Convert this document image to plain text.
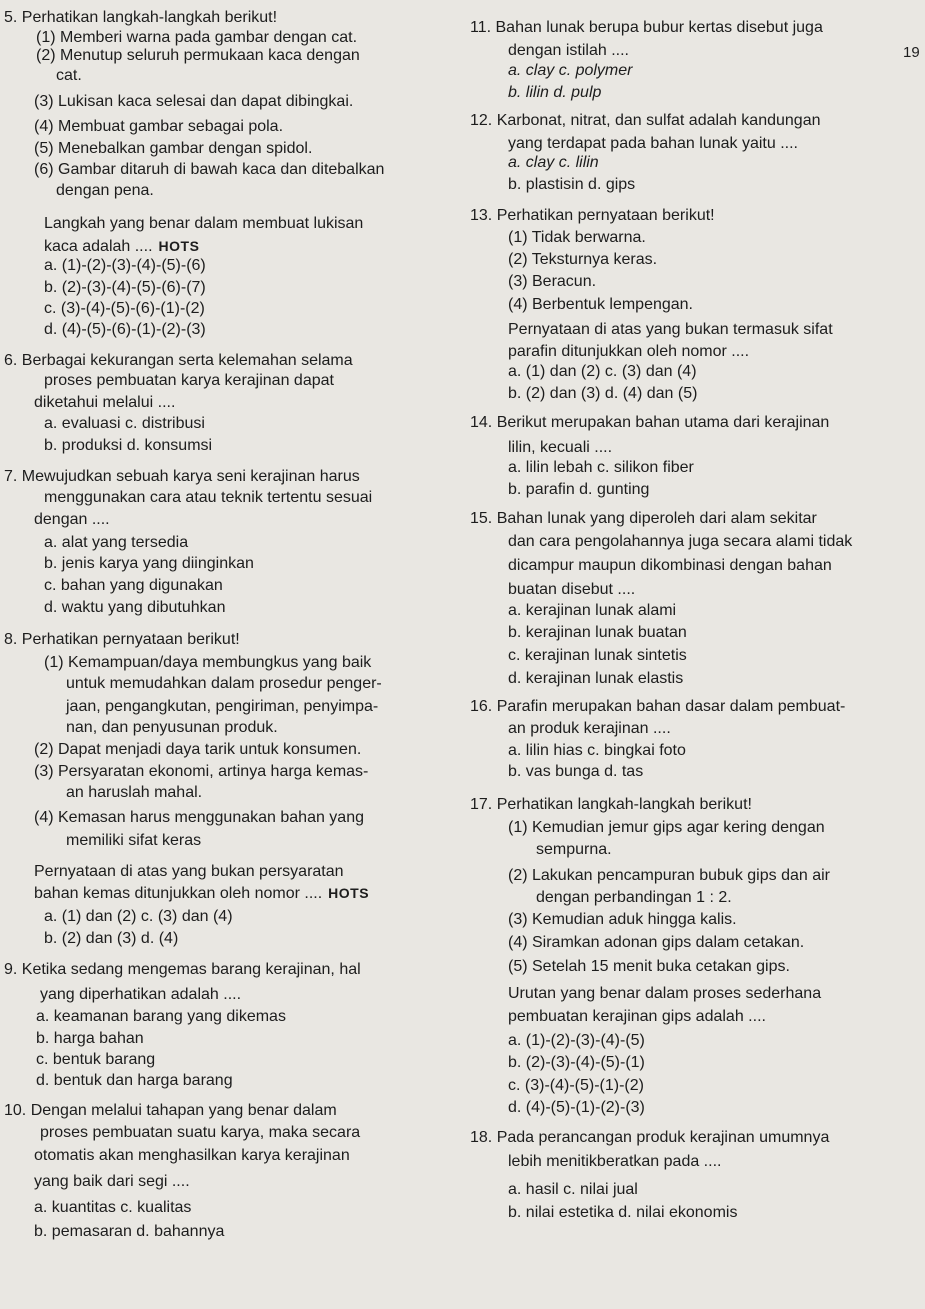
19
5. Perhatikan langkah-langkah berikut!
(1) Memberi warna pada gambar dengan cat.
(2) Menutup seluruh permukaan kaca dengan
cat.
(3) Lukisan kaca selesai dan dapat dibingkai.
(4) Membuat gambar sebagai pola.
(5) Menebalkan gambar dengan spidol.
(6) Gambar ditaruh di bawah kaca dan ditebalkan
dengan pena.
Langkah yang benar dalam membuat lukisan
kaca adalah .... HOTS
a. (1)-(2)-(3)-(4)-(5)-(6)
b. (2)-(3)-(4)-(5)-(6)-(7)
c. (3)-(4)-(5)-(6)-(1)-(2)
d. (4)-(5)-(6)-(1)-(2)-(3)
6. Berbagai kekurangan serta kelemahan selama
proses pembuatan karya kerajinan dapat
diketahui melalui ....
a. evaluasi c. distribusi
b. produksi d. konsumsi
7. Mewujudkan sebuah karya seni kerajinan harus
menggunakan cara atau teknik tertentu sesuai
dengan ....
a. alat yang tersedia
b. jenis karya yang diinginkan
c. bahan yang digunakan
d. waktu yang dibutuhkan
8. Perhatikan pernyataan berikut!
(1) Kemampuan/daya membungkus yang baik
untuk memudahkan dalam prosedur penger-
jaan, pengangkutan, pengiriman, penyimpa-
nan, dan penyusunan produk.
(2) Dapat menjadi daya tarik untuk konsumen.
(3) Persyaratan ekonomi, artinya harga kemas-
an haruslah mahal.
(4) Kemasan harus menggunakan bahan yang
memiliki sifat keras
Pernyataan di atas yang bukan persyaratan
bahan kemas ditunjukkan oleh nomor .... HOTS
a. (1) dan (2) c. (3) dan (4)
b. (2) dan (3) d. (4)
9. Ketika sedang mengemas barang kerajinan, hal
yang diperhatikan adalah ....
a. keamanan barang yang dikemas
b. harga bahan
c. bentuk barang
d. bentuk dan harga barang
10. Dengan melalui tahapan yang benar dalam
proses pembuatan suatu karya, maka secara
otomatis akan menghasilkan karya kerajinan
yang baik dari segi ....
a. kuantitas c. kualitas
b. pemasaran d. bahannya
11. Bahan lunak berupa bubur kertas disebut juga
dengan istilah ....
a. clay c. polymer
b. lilin d. pulp
12. Karbonat, nitrat, dan sulfat adalah kandungan
yang terdapat pada bahan lunak yaitu ....
a. clay c. lilin
b. plastisin d. gips
13. Perhatikan pernyataan berikut!
(1) Tidak berwarna.
(2) Teksturnya keras.
(3) Beracun.
(4) Berbentuk lempengan.
Pernyataan di atas yang bukan termasuk sifat
parafin ditunjukkan oleh nomor ....
a. (1) dan (2) c. (3) dan (4)
b. (2) dan (3) d. (4) dan (5)
14. Berikut merupakan bahan utama dari kerajinan
lilin, kecuali ....
a. lilin lebah c. silikon fiber
b. parafin d. gunting
15. Bahan lunak yang diperoleh dari alam sekitar
dan cara pengolahannya juga secara alami tidak
dicampur maupun dikombinasi dengan bahan
buatan disebut ....
a. kerajinan lunak alami
b. kerajinan lunak buatan
c. kerajinan lunak sintetis
d. kerajinan lunak elastis
16. Parafin merupakan bahan dasar dalam pembuat-
an produk kerajinan ....
a. lilin hias c. bingkai foto
b. vas bunga d. tas
17. Perhatikan langkah-langkah berikut!
(1) Kemudian jemur gips agar kering dengan
sempurna.
(2) Lakukan pencampuran bubuk gips dan air
dengan perbandingan 1 : 2.
(3) Kemudian aduk hingga kalis.
(4) Siramkan adonan gips dalam cetakan.
(5) Setelah 15 menit buka cetakan gips.
Urutan yang benar dalam proses sederhana
pembuatan kerajinan gips adalah ....
a. (1)-(2)-(3)-(4)-(5)
b. (2)-(3)-(4)-(5)-(1)
c. (3)-(4)-(5)-(1)-(2)
d. (4)-(5)-(1)-(2)-(3)
18. Pada perancangan produk kerajinan umumnya
lebih menitikberatkan pada ....
a. hasil c. nilai jual
b. nilai estetika d. nilai ekonomis
